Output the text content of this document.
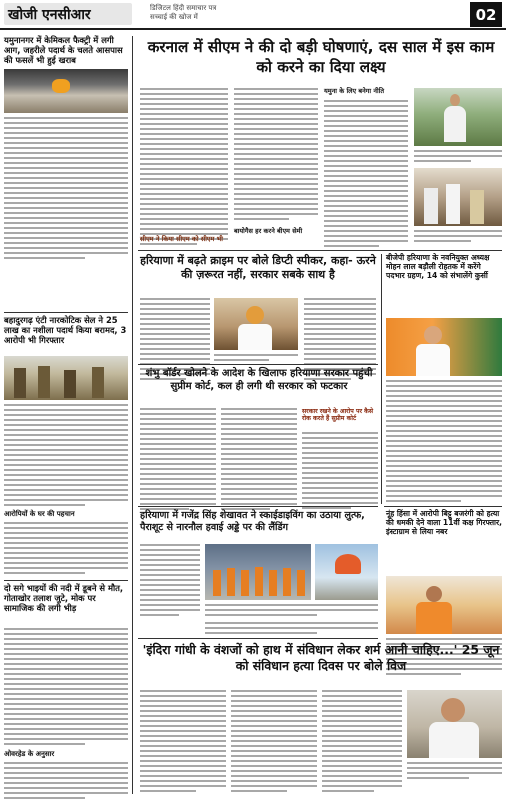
खोजी एनसीआर	डिजिटल हिंदी समाचार पत्र
सच्चाई की खोज में	02
यमुनानगर में केमिकल फैक्ट्री में लगी आग, जहरीले पदार्थ के चलते आसपास की फसलें भी हुई खराब
बहादुरगढ़ एंटी नारकोटिक सेल ने 25 लाख का नशीला पदार्थ किया बरामद, 3 आरोपी भी गिरफ्तार
आरोपियों के घर की पहचान
दो सगे भाइयों की नदी में डूबने से मौत, गोताखोर तलाश जुटे, मोक पर सामाजिक की लगी भीड़
ओवरहेड के अनुसार
करनाल में सीएम ने की दो बड़ी घोषणाएं, दस साल में इस काम को करने का दिया लक्ष्य
बायोगैस हर करने बीएम सेमी
यमुना के लिए बनेगा नीति
सीएम ने किया सीएम को सीएम भी
हरियाणा में बढ़ते क्राइम पर बोले डिप्टी स्पीकर, कहा- ऊरने की ज़रूरत नहीं, सरकार सबके साथ है
बीजेपी हरियाणा के नवनियुक्त अध्यक्ष मोहन लाल बड़ौली रोहतक में करेंगे पदभार ग्रहण, 14 को संभालेंगे कुर्सी
शंभु बॉर्डर खोलने के आदेश के खिलाफ हरियाणा सरकार पहुंची सुप्रीम कोर्ट, कल ही लगी थी सरकार को फटकार
सरकार रखने के आरोप पर कैसे रोक करते हैं सुप्रीम कोर्ट
नूंह हिंसा में आरोपी बिट्टू बजरंगी को हत्या की धमकी देने वाला 11वीं कक्ष गिरफ्तार, इंस्टाग्राम से लिया नबर
हरियाणा में गजेंद्र सिंह शेखावत ने स्काईडाइविंग का उठाया लुत्फ, पैराशूट से नारनौल हवाई अड्डे पर की लैंडिंग
'इंदिरा गांधी के वंशजों को हाथ में संविधान लेकर शर्म आनी चाहिए...' 25 जून को संविधान हत्या दिवस पर बोले विज
